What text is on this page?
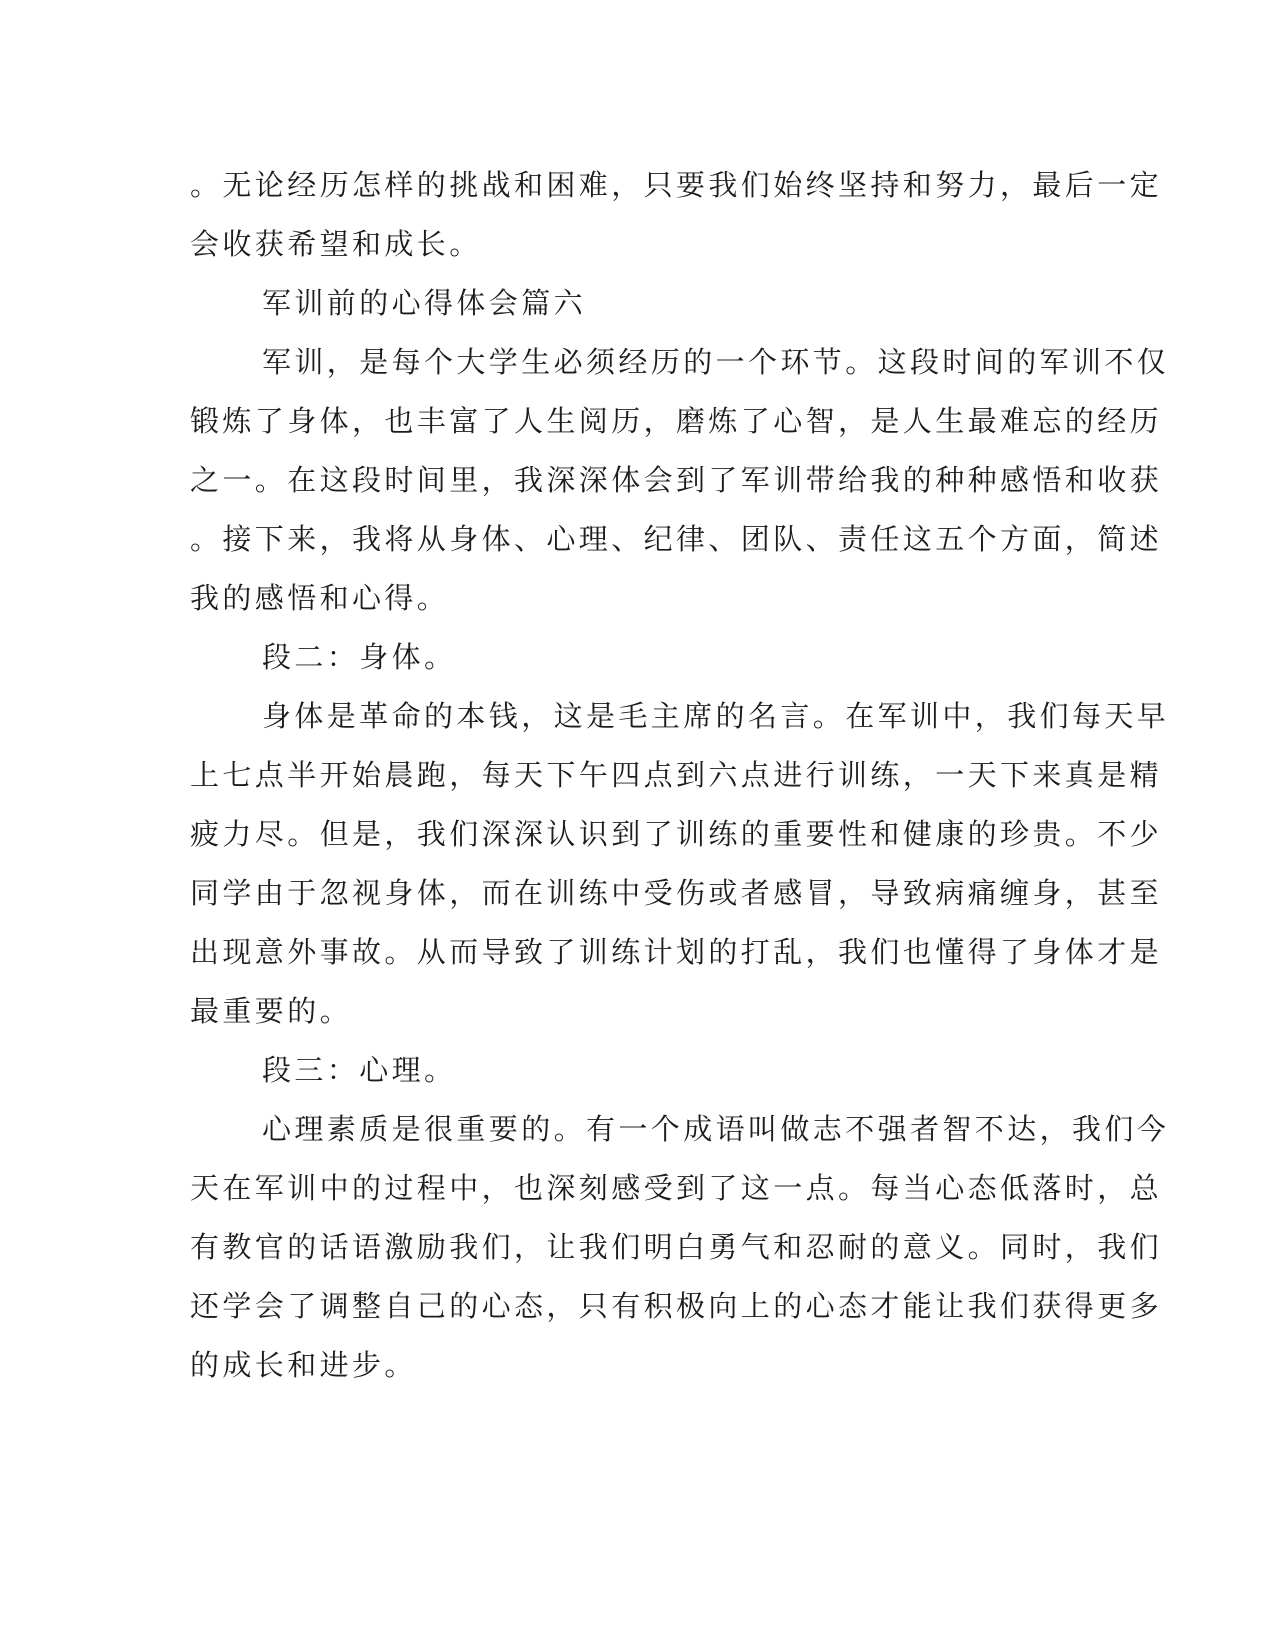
。无论经历怎样的挑战和困难，只要我们始终坚持和努力，最后一定
会收获希望和成长。
军训前的心得体会篇六
军训，是每个大学生必须经历的一个环节。这段时间的军训不仅
锻炼了身体，也丰富了人生阅历，磨炼了心智，是人生最难忘的经历
之一。在这段时间里，我深深体会到了军训带给我的种种感悟和收获
。接下来，我将从身体、心理、纪律、团队、责任这五个方面，简述
我的感悟和心得。
段二：身体。
身体是革命的本钱，这是毛主席的名言。在军训中，我们每天早
上七点半开始晨跑，每天下午四点到六点进行训练，一天下来真是精
疲力尽。但是，我们深深认识到了训练的重要性和健康的珍贵。不少
同学由于忽视身体，而在训练中受伤或者感冒，导致病痛缠身，甚至
出现意外事故。从而导致了训练计划的打乱，我们也懂得了身体才是
最重要的。
段三：心理。
心理素质是很重要的。有一个成语叫做志不强者智不达，我们今
天在军训中的过程中，也深刻感受到了这一点。每当心态低落时，总
有教官的话语激励我们，让我们明白勇气和忍耐的意义。同时，我们
还学会了调整自己的心态，只有积极向上的心态才能让我们获得更多
的成长和进步。
